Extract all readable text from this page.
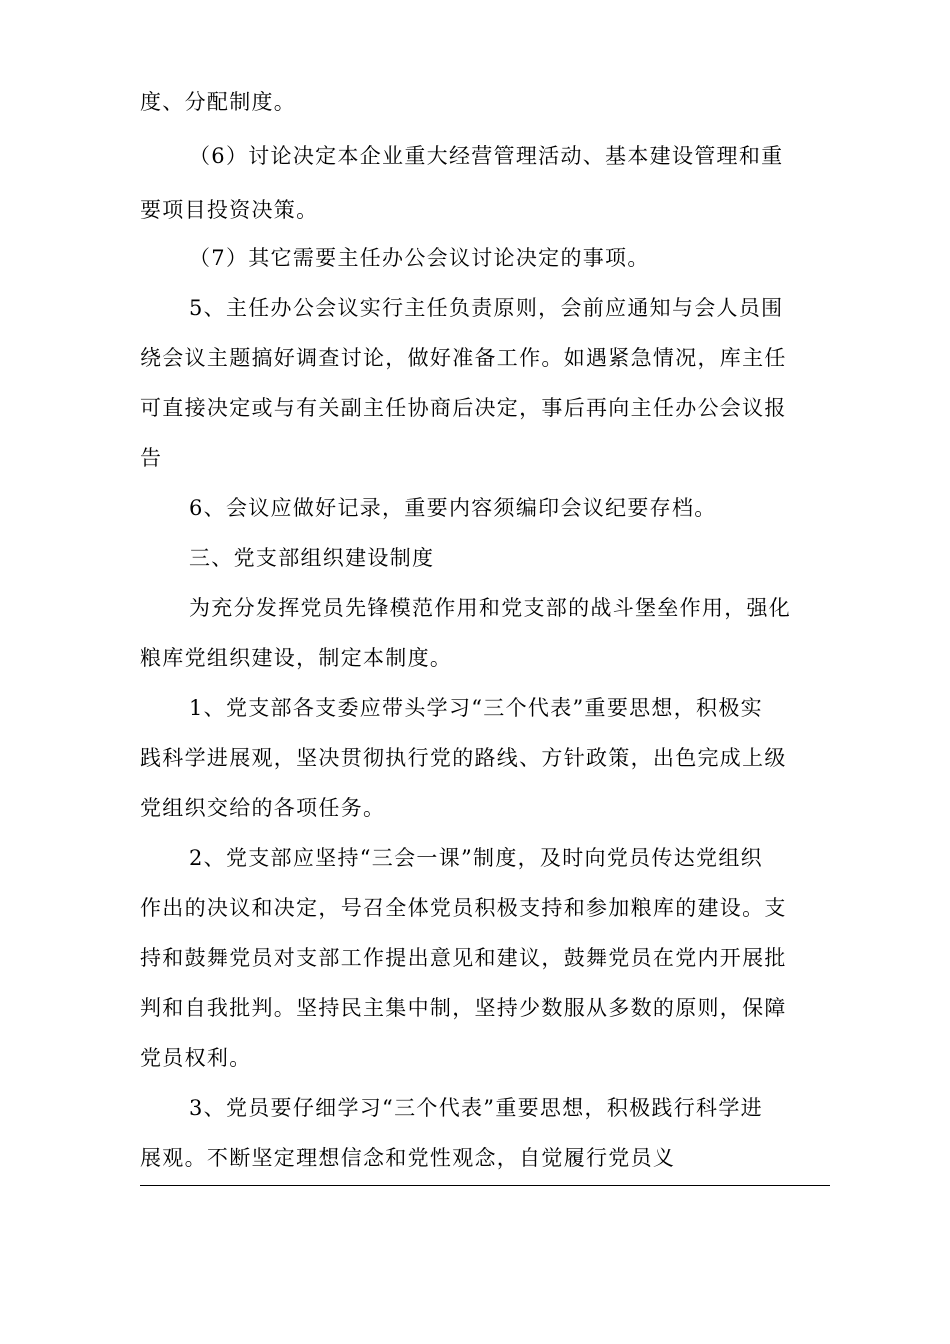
度、分配制度。
（6）讨论决定本企业重大经营管理活动、基本建设管理和重
要项目投资决策。
（7）其它需要主任办公会议讨论决定的事项。
5、主任办公会议实行主任负责原则，会前应通知与会人员围
绕会议主题搞好调查讨论，做好准备工作。如遇紧急情况，库主任
可直接决定或与有关副主任协商后决定，事后再向主任办公会议报
告
6、会议应做好记录，重要内容须编印会议纪要存档。
三、党支部组织建设制度
为充分发挥党员先锋模范作用和党支部的战斗堡垒作用，强化
粮库党组织建设，制定本制度。
1、党支部各支委应带头学习“三个代表”重要思想，积极实
践科学进展观，坚决贯彻执行党的路线、方针政策，出色完成上级
党组织交给的各项任务。
2、党支部应坚持“三会一课”制度，及时向党员传达党组织
作出的决议和决定，号召全体党员积极支持和参加粮库的建设。支
持和鼓舞党员对支部工作提出意见和建议，鼓舞党员在党内开展批
判和自我批判。坚持民主集中制，坚持少数服从多数的原则，保障
党员权利。
3、党员要仔细学习“三个代表”重要思想，积极践行科学进
展观。不断坚定理想信念和党性观念，自觉履行党员义
